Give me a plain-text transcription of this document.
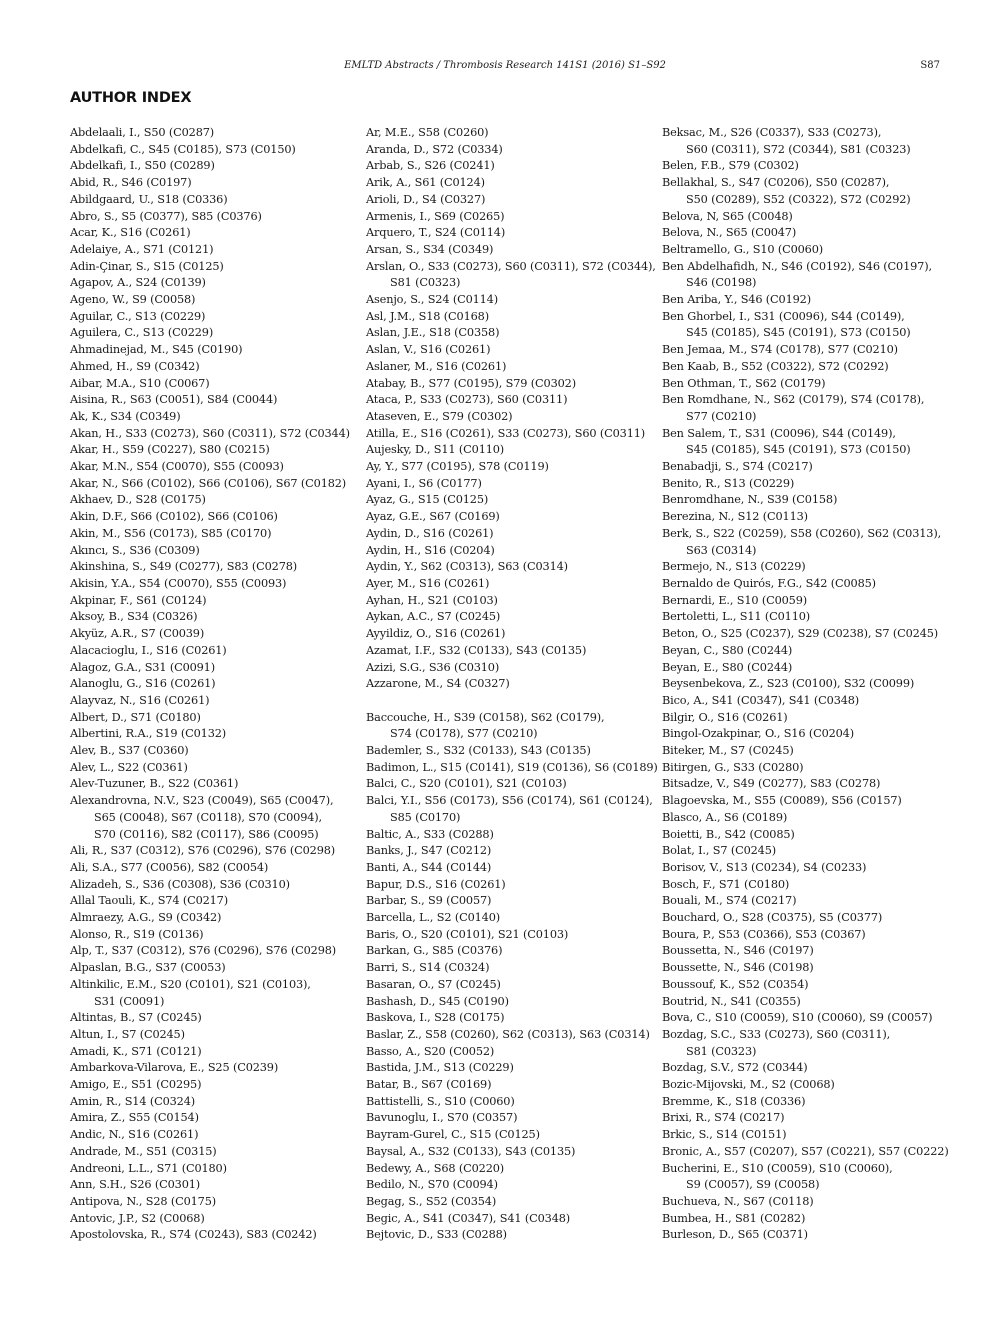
EMLTD Abstracts / Thrombosis Research 141S1 (2016) S1–S92	S87
AUTHOR INDEX
Abdelaali, I., S50 (C0287)
Abdelkafi, C., S45 (C0185), S73 (C0150)
Abdelkafi, I., S50 (C0289)
Abid, R., S46 (C0197)
Abildgaard, U., S18 (C0336)
Abro, S., S5 (C0377), S85 (C0376)
Acar, K., S16 (C0261)
Adelaiye, A., S71 (C0121)
Adin-Çinar, S., S15 (C0125)
Agapov, A., S24 (C0139)
Ageno, W., S9 (C0058)
Aguilar, C., S13 (C0229)
Aguilera, C., S13 (C0229)
Ahmadinejad, M., S45 (C0190)
Ahmed, H., S9 (C0342)
Aibar, M.A., S10 (C0067)
Aisina, R., S63 (C0051), S84 (C0044)
Ak, K., S34 (C0349)
Akan, H., S33 (C0273), S60 (C0311), S72 (C0344)
Akar, H., S59 (C0227), S80 (C0215)
Akar, M.N., S54 (C0070), S55 (C0093)
Akar, N., S66 (C0102), S66 (C0106), S67 (C0182)
Akhaev, D., S28 (C0175)
Akin, D.F., S66 (C0102), S66 (C0106)
Akin, M., S56 (C0173), S85 (C0170)
Akıncı, S., S36 (C0309)
Akinshina, S., S49 (C0277), S83 (C0278)
Akisin, Y.A., S54 (C0070), S55 (C0093)
Akpinar, F., S61 (C0124)
Aksoy, B., S34 (C0326)
Akyüz, A.R., S7 (C0039)
Alacacioglu, I., S16 (C0261)
Alagoz, G.A., S31 (C0091)
Alanoglu, G., S16 (C0261)
Alayvaz, N., S16 (C0261)
Albert, D., S71 (C0180)
Albertini, R.A., S19 (C0132)
Alev, B., S37 (C0360)
Alev, L., S22 (C0361)
Alev-Tuzuner, B., S22 (C0361)
Alexandrovna, N.V., S23 (C0049), S65 (C0047),
S65 (C0048), S67 (C0118), S70 (C0094),
S70 (C0116), S82 (C0117), S86 (C0095)
Ali, R., S37 (C0312), S76 (C0296), S76 (C0298)
Ali, S.A., S77 (C0056), S82 (C0054)
Alizadeh, S., S36 (C0308), S36 (C0310)
Allal Taouli, K., S74 (C0217)
Almraezy, A.G., S9 (C0342)
Alonso, R., S19 (C0136)
Alp, T., S37 (C0312), S76 (C0296), S76 (C0298)
Alpaslan, B.G., S37 (C0053)
Altinkilic, E.M., S20 (C0101), S21 (C0103),
S31 (C0091)
Altintas, B., S7 (C0245)
Altun, I., S7 (C0245)
Amadi, K., S71 (C0121)
Ambarkova-Vilarova, E., S25 (C0239)
Amigo, E., S51 (C0295)
Amin, R., S14 (C0324)
Amira, Z., S55 (C0154)
Andic, N., S16 (C0261)
Andrade, M., S51 (C0315)
Andreoni, L.L., S71 (C0180)
Ann, S.H., S26 (C0301)
Antipova, N., S28 (C0175)
Antovic, J.P., S2 (C0068)
Apostolovska, R., S74 (C0243), S83 (C0242)
Ar, M.E., S58 (C0260)
Aranda, D., S72 (C0334)
Arbab, S., S26 (C0241)
Arik, A., S61 (C0124)
Arioli, D., S4 (C0327)
Armenis, I., S69 (C0265)
Arquero, T., S24 (C0114)
Arsan, S., S34 (C0349)
Arslan, O., S33 (C0273), S60 (C0311), S72 (C0344),
S81 (C0323)
Asenjo, S., S24 (C0114)
Asl, J.M., S18 (C0168)
Aslan, J.E., S18 (C0358)
Aslan, V., S16 (C0261)
Aslaner, M., S16 (C0261)
Atabay, B., S77 (C0195), S79 (C0302)
Ataca, P., S33 (C0273), S60 (C0311)
Ataseven, E., S79 (C0302)
Atilla, E., S16 (C0261), S33 (C0273), S60 (C0311)
Aujesky, D., S11 (C0110)
Ay, Y., S77 (C0195), S78 (C0119)
Ayani, I., S6 (C0177)
Ayaz, G., S15 (C0125)
Ayaz, G.E., S67 (C0169)
Aydin, D., S16 (C0261)
Aydin, H., S16 (C0204)
Aydin, Y., S62 (C0313), S63 (C0314)
Ayer, M., S16 (C0261)
Ayhan, H., S21 (C0103)
Aykan, A.C., S7 (C0245)
Ayyildiz, O., S16 (C0261)
Azamat, I.F., S32 (C0133), S43 (C0135)
Azizi, S.G., S36 (C0310)
Azzarone, M., S4 (C0327)
Baccouche, H., S39 (C0158), S62 (C0179),
S74 (C0178), S77 (C0210)
Bademler, S., S32 (C0133), S43 (C0135)
Badimon, L., S15 (C0141), S19 (C0136), S6 (C0189)
Balci, C., S20 (C0101), S21 (C0103)
Balci, Y.I., S56 (C0173), S56 (C0174), S61 (C0124),
S85 (C0170)
Baltic, A., S33 (C0288)
Banks, J., S47 (C0212)
Banti, A., S44 (C0144)
Bapur, D.S., S16 (C0261)
Barbar, S., S9 (C0057)
Barcella, L., S2 (C0140)
Baris, O., S20 (C0101), S21 (C0103)
Barkan, G., S85 (C0376)
Barri, S., S14 (C0324)
Basaran, O., S7 (C0245)
Bashash, D., S45 (C0190)
Baskova, I., S28 (C0175)
Baslar, Z., S58 (C0260), S62 (C0313), S63 (C0314)
Basso, A., S20 (C0052)
Bastida, J.M., S13 (C0229)
Batar, B., S67 (C0169)
Battistelli, S., S10 (C0060)
Bavunoglu, I., S70 (C0357)
Bayram-Gurel, C., S15 (C0125)
Baysal, A., S32 (C0133), S43 (C0135)
Bedewy, A., S68 (C0220)
Bedilo, N., S70 (C0094)
Begag, S., S52 (C0354)
Begic, A., S41 (C0347), S41 (C0348)
Bejtovic, D., S33 (C0288)
Beksac, M., S26 (C0337), S33 (C0273),
S60 (C0311), S72 (C0344), S81 (C0323)
Belen, F.B., S79 (C0302)
Bellakhal, S., S47 (C0206), S50 (C0287),
S50 (C0289), S52 (C0322), S72 (C0292)
Belova, N, S65 (C0048)
Belova, N., S65 (C0047)
Beltramello, G., S10 (C0060)
Ben Abdelhafidh, N., S46 (C0192), S46 (C0197),
S46 (C0198)
Ben Ariba, Y., S46 (C0192)
Ben Ghorbel, I., S31 (C0096), S44 (C0149),
S45 (C0185), S45 (C0191), S73 (C0150)
Ben Jemaa, M., S74 (C0178), S77 (C0210)
Ben Kaab, B., S52 (C0322), S72 (C0292)
Ben Othman, T., S62 (C0179)
Ben Romdhane, N., S62 (C0179), S74 (C0178),
S77 (C0210)
Ben Salem, T., S31 (C0096), S44 (C0149),
S45 (C0185), S45 (C0191), S73 (C0150)
Benabadji, S., S74 (C0217)
Benito, R., S13 (C0229)
Benromdhane, N., S39 (C0158)
Berezina, N., S12 (C0113)
Berk, S., S22 (C0259), S58 (C0260), S62 (C0313),
S63 (C0314)
Bermejo, N., S13 (C0229)
Bernaldo de Quirós, F.G., S42 (C0085)
Bernardi, E., S10 (C0059)
Bertoletti, L., S11 (C0110)
Beton, O., S25 (C0237), S29 (C0238), S7 (C0245)
Beyan, C., S80 (C0244)
Beyan, E., S80 (C0244)
Beysenbekova, Z., S23 (C0100), S32 (C0099)
Bico, A., S41 (C0347), S41 (C0348)
Bilgir, O., S16 (C0261)
Bingol-Ozakpinar, O., S16 (C0204)
Biteker, M., S7 (C0245)
Bitirgen, G., S33 (C0280)
Bitsadze, V., S49 (C0277), S83 (C0278)
Blagoevska, M., S55 (C0089), S56 (C0157)
Blasco, A., S6 (C0189)
Boietti, B., S42 (C0085)
Bolat, I., S7 (C0245)
Borisov, V., S13 (C0234), S4 (C0233)
Bosch, F., S71 (C0180)
Bouali, M., S74 (C0217)
Bouchard, O., S28 (C0375), S5 (C0377)
Boura, P., S53 (C0366), S53 (C0367)
Boussetta, N., S46 (C0197)
Boussette, N., S46 (C0198)
Boussouf, K., S52 (C0354)
Boutrid, N., S41 (C0355)
Bova, C., S10 (C0059), S10 (C0060), S9 (C0057)
Bozdag, S.C., S33 (C0273), S60 (C0311),
S81 (C0323)
Bozdag, S.V., S72 (C0344)
Bozic-Mijovski, M., S2 (C0068)
Bremme, K., S18 (C0336)
Brixi, R., S74 (C0217)
Brkic, S., S14 (C0151)
Bronic, A., S57 (C0207), S57 (C0221), S57 (C0222)
Bucherini, E., S10 (C0059), S10 (C0060),
S9 (C0057), S9 (C0058)
Buchueva, N., S67 (C0118)
Bumbea, H., S81 (C0282)
Burleson, D., S65 (C0371)
